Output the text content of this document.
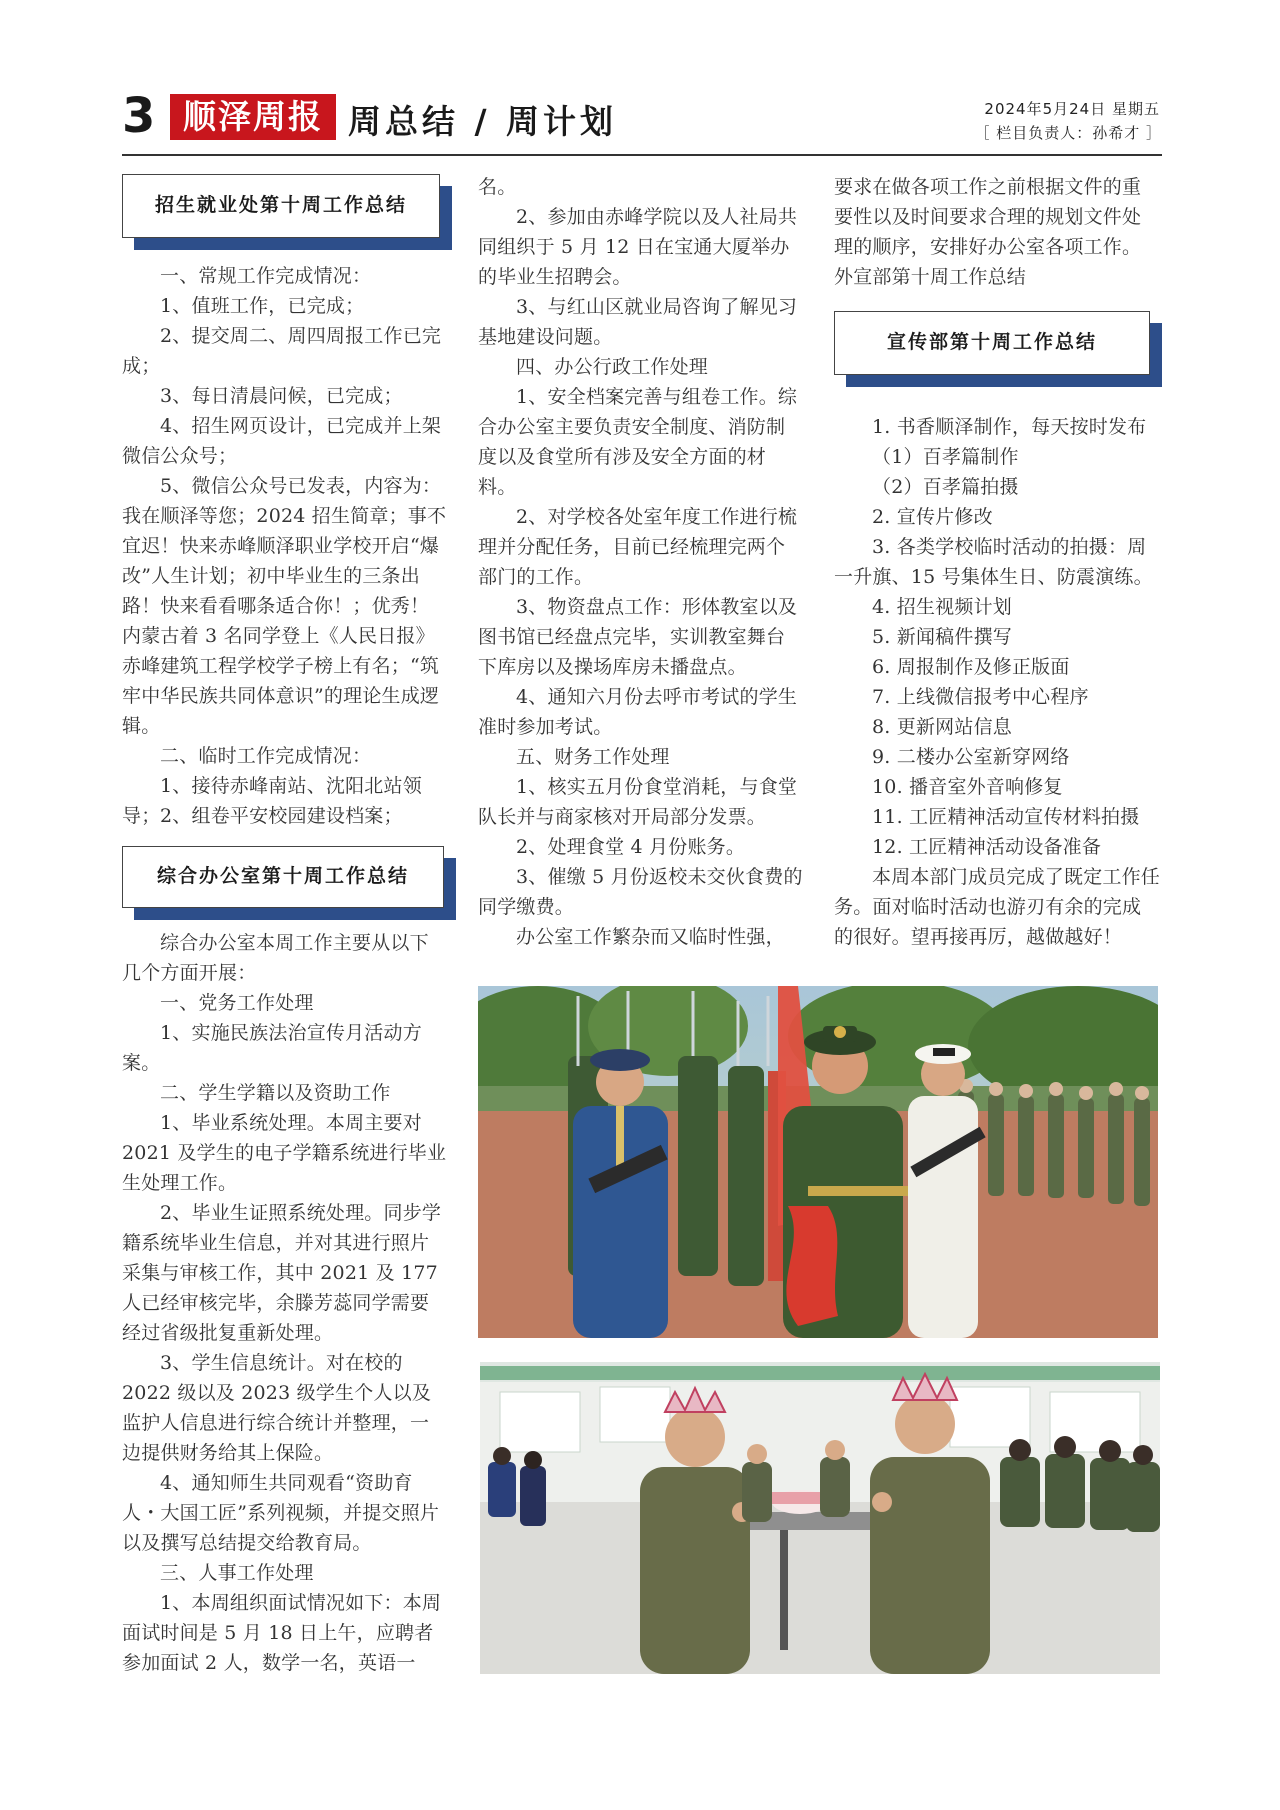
3 顺泽周报 周总结 / 周计划	2024年5月24日 星期五
［ 栏目负责人：孙希才 ］
招生就业处第十周工作总结

一、常规工作完成情况：

1、值班工作，已完成；

2、提交周二、周四周报工作已完成；

3、每日清晨问候，已完成；

4、招生网页设计，已完成并上架微信公众号；

5、微信公众号已发表，内容为：我在顺泽等您；2024 招生简章；事不宜迟！快来赤峰顺泽职业学校开启“爆改”人生计划；初中毕业生的三条出路！快来看看哪条适合你！；优秀！内蒙古着 3 名同学登上《人民日报》赤峰建筑工程学校学子榜上有名；“筑牢中华民族共同体意识”的理论生成逻辑。

二、临时工作完成情况：

1、接待赤峰南站、沈阳北站领导； 2、组卷平安校园建设档案；

综合办公室第十周工作总结

综合办公室本周工作主要从以下几个方面开展：

一、党务工作处理

1、实施民族法治宣传月活动方案。

二、学生学籍以及资助工作

1、毕业系统处理。本周主要对 2021 及学生的电子学籍系统进行毕业生处理工作。

2、毕业生证照系统处理。同步学籍系统毕业生信息，并对其进行照片采集与审核工作，其中 2021 及 177 人已经审核完毕，余滕芳蕊同学需要经过省级批复重新处理。

3、学生信息统计。对在校的 2022 级以及 2023 级学生个人以及监护人信息进行综合统计并整理，一边提供财务给其上保险。

4、通知师生共同观看“资助育人・大国工匠”系列视频，并提交照片以及撰写总结提交给教育局。

三、人事工作处理

1、本周组织面试情况如下：本周面试时间是 5 月 18 日上午，应聘者参加面试 2 人，数学一名，英语一

名。

2、参加由赤峰学院以及人社局共同组织于 5 月 12 日在宝通大厦举办的毕业生招聘会。

3、与红山区就业局咨询了解见习基地建设问题。

四、办公行政工作处理

1、安全档案完善与组卷工作。综合办公室主要负责安全制度、消防制度以及食堂所有涉及安全方面的材料。

2、对学校各处室年度工作进行梳理并分配任务，目前已经梳理完两个部门的工作。

3、物资盘点工作：形体教室以及图书馆已经盘点完毕，实训教室舞台下库房以及操场库房未播盘点。

4、通知六月份去呼市考试的学生准时参加考试。

五、财务工作处理

1、核实五月份食堂消耗，与食堂队长并与商家核对开局部分发票。

2、处理食堂 4 月份账务。

3、催缴 5 月份返校未交伙食费的同学缴费。

办公室工作繁杂而又临时性强，

要求在做各项工作之前根据文件的重要性以及时间要求合理的规划文件处理的顺序，安排好办公室各项工作。

外宣部第十周工作总结

宣传部第十周工作总结

1. 书香顺泽制作，每天按时发布

（1）百孝篇制作

（2）百孝篇拍摄

2. 宣传片修改

3. 各类学校临时活动的拍摄：周一升旗、15 号集体生日、防震演练。

4. 招生视频计划

5. 新闻稿件撰写

6. 周报制作及修正版面

7. 上线微信报考中心程序

8. 更新网站信息

9. 二楼办公室新穿网络

10. 播音室外音响修复

11. 工匠精神活动宣传材料拍摄

12. 工匠精神活动设备准备

本周本部门成员完成了既定工作任务。面对临时活动也游刃有余的完成的很好。望再接再厉，越做越好！
